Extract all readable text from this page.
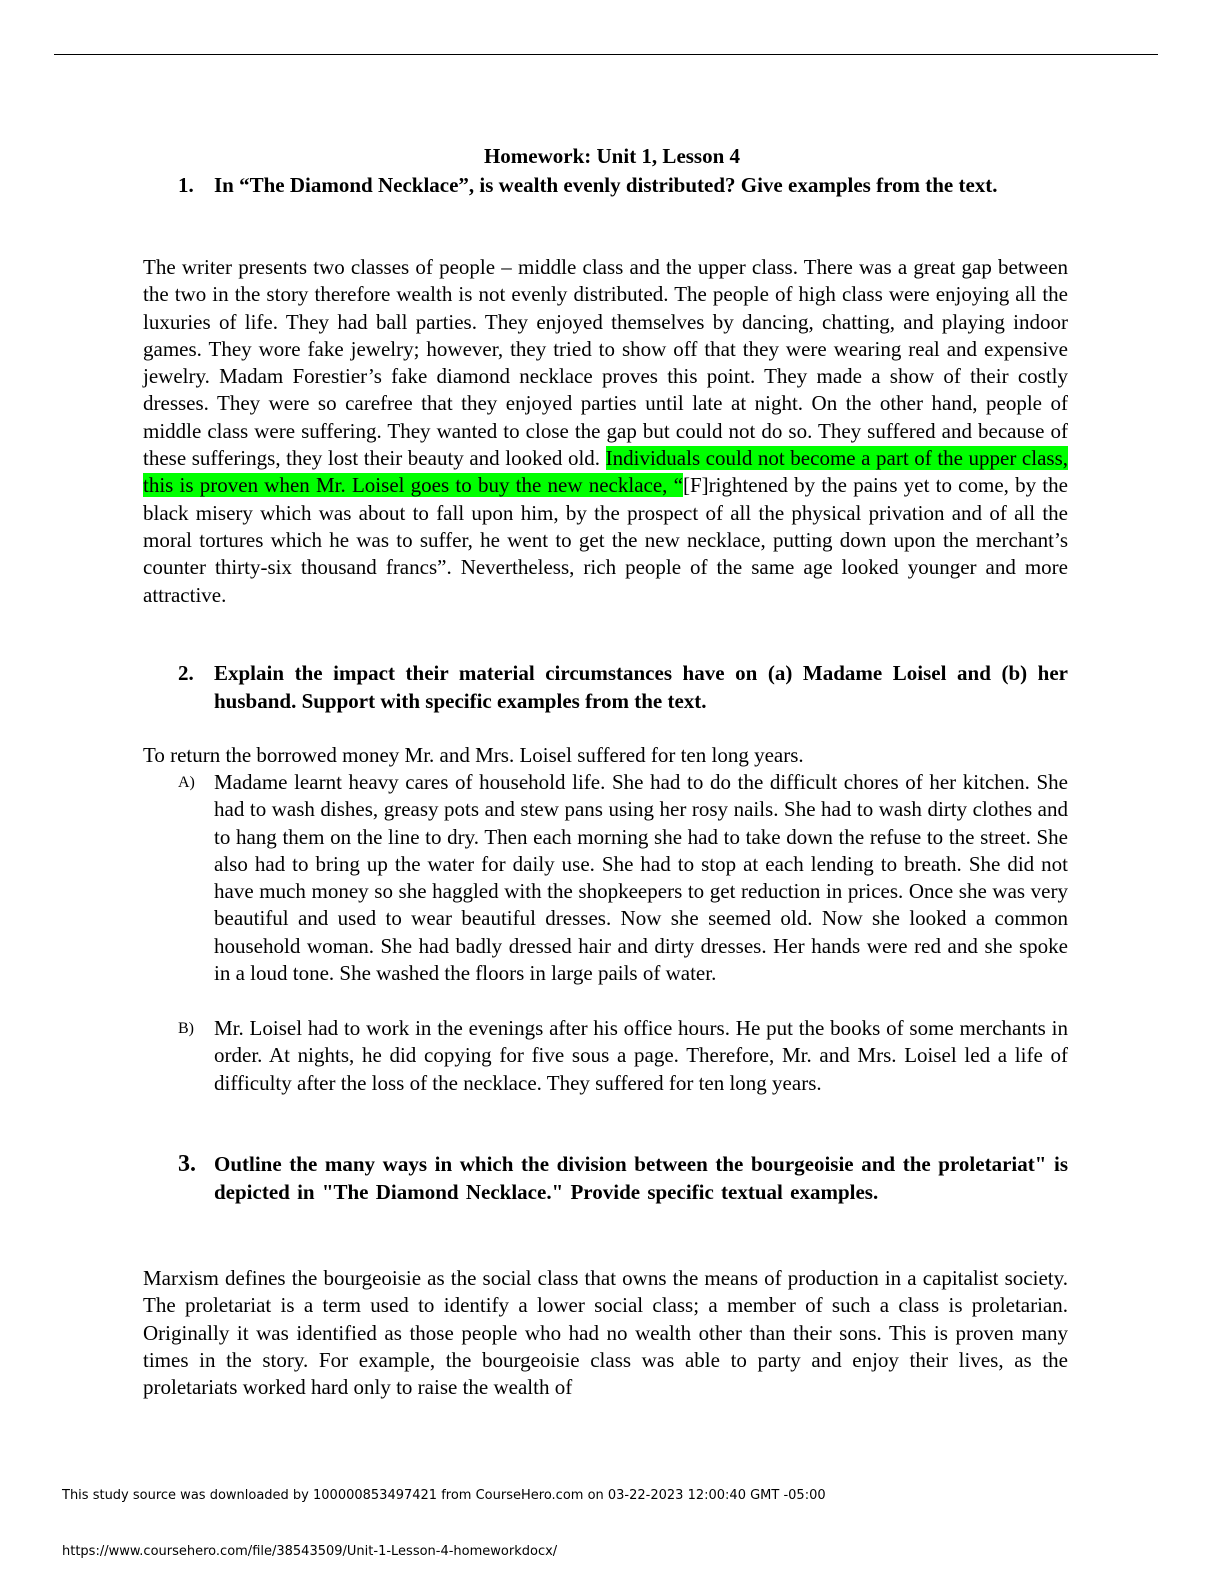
Homework: Unit 1, Lesson 4
1. In “The Diamond Necklace”, is wealth evenly distributed? Give examples from the text.

The writer presents two classes of people – middle class and the upper class. There was a great gap between the two in the story therefore wealth is not evenly distributed. The people of high class were enjoying all the luxuries of life. They had ball parties. They enjoyed themselves by dancing, chatting, and playing indoor games. They wore fake jewelry; however, they tried to show off that they were wearing real and expensive jewelry. Madam Forestier’s fake diamond necklace proves this point. They made a show of their costly dresses. They were so carefree that they enjoyed parties until late at night. On the other hand, people of middle class were suffering. They wanted to close the gap but could not do so. They suffered and because of these sufferings, they lost their beauty and looked old. Individuals could not become a part of the upper class, this is proven when Mr. Loisel goes to buy the new necklace, “[F]rightened by the pains yet to come, by the black misery which was about to fall upon him, by the prospect of all the physical privation and of all the moral tortures which he was to suffer, he went to get the new necklace, putting down upon the merchant’s counter thirty-six thousand francs”. Nevertheless, rich people of the same age looked younger and more attractive.

2. Explain the impact their material circumstances have on (a) Madame Loisel and (b) her husband. Support with specific examples from the text.

To return the borrowed money Mr. and Mrs. Loisel suffered for ten long years.

A) Madame learnt heavy cares of household life. She had to do the difficult chores of her kitchen. She had to wash dishes, greasy pots and stew pans using her rosy nails. She had to wash dirty clothes and to hang them on the line to dry. Then each morning she had to take down the refuse to the street. She also had to bring up the water for daily use. She had to stop at each lending to breath. She did not have much money so she haggled with the shopkeepers to get reduction in prices. Once she was very beautiful and used to wear beautiful dresses. Now she seemed old. Now she looked a common household woman. She had badly dressed hair and dirty dresses. Her hands were red and she spoke in a loud tone. She washed the floors in large pails of water.
B) Mr. Loisel had to work in the evenings after his office hours. He put the books of some merchants in order. At nights, he did copying for five sous a page. Therefore, Mr. and Mrs. Loisel led a life of difficulty after the loss of the necklace. They suffered for ten long years.
3. Outline the many ways in which the division between the bourgeoisie and the proletariat" is depicted in "The Diamond Necklace." Provide specific textual examples.

Marxism defines the bourgeoisie as the social class that owns the means of production in a capitalist society. The proletariat is a term used to identify a lower social class; a member of such a class is proletarian. Originally it was identified as those people who had no wealth other than their sons. This is proven many times in the story. For example, the bourgeoisie class was able to party and enjoy their lives, as the proletariats worked hard only to raise the wealth of

This study source was downloaded by 100000853497421 from CourseHero.com on 03-22-2023 12:00:40 GMT -05:00
https://www.coursehero.com/file/38543509/Unit-1-Lesson-4-homeworkdocx/
